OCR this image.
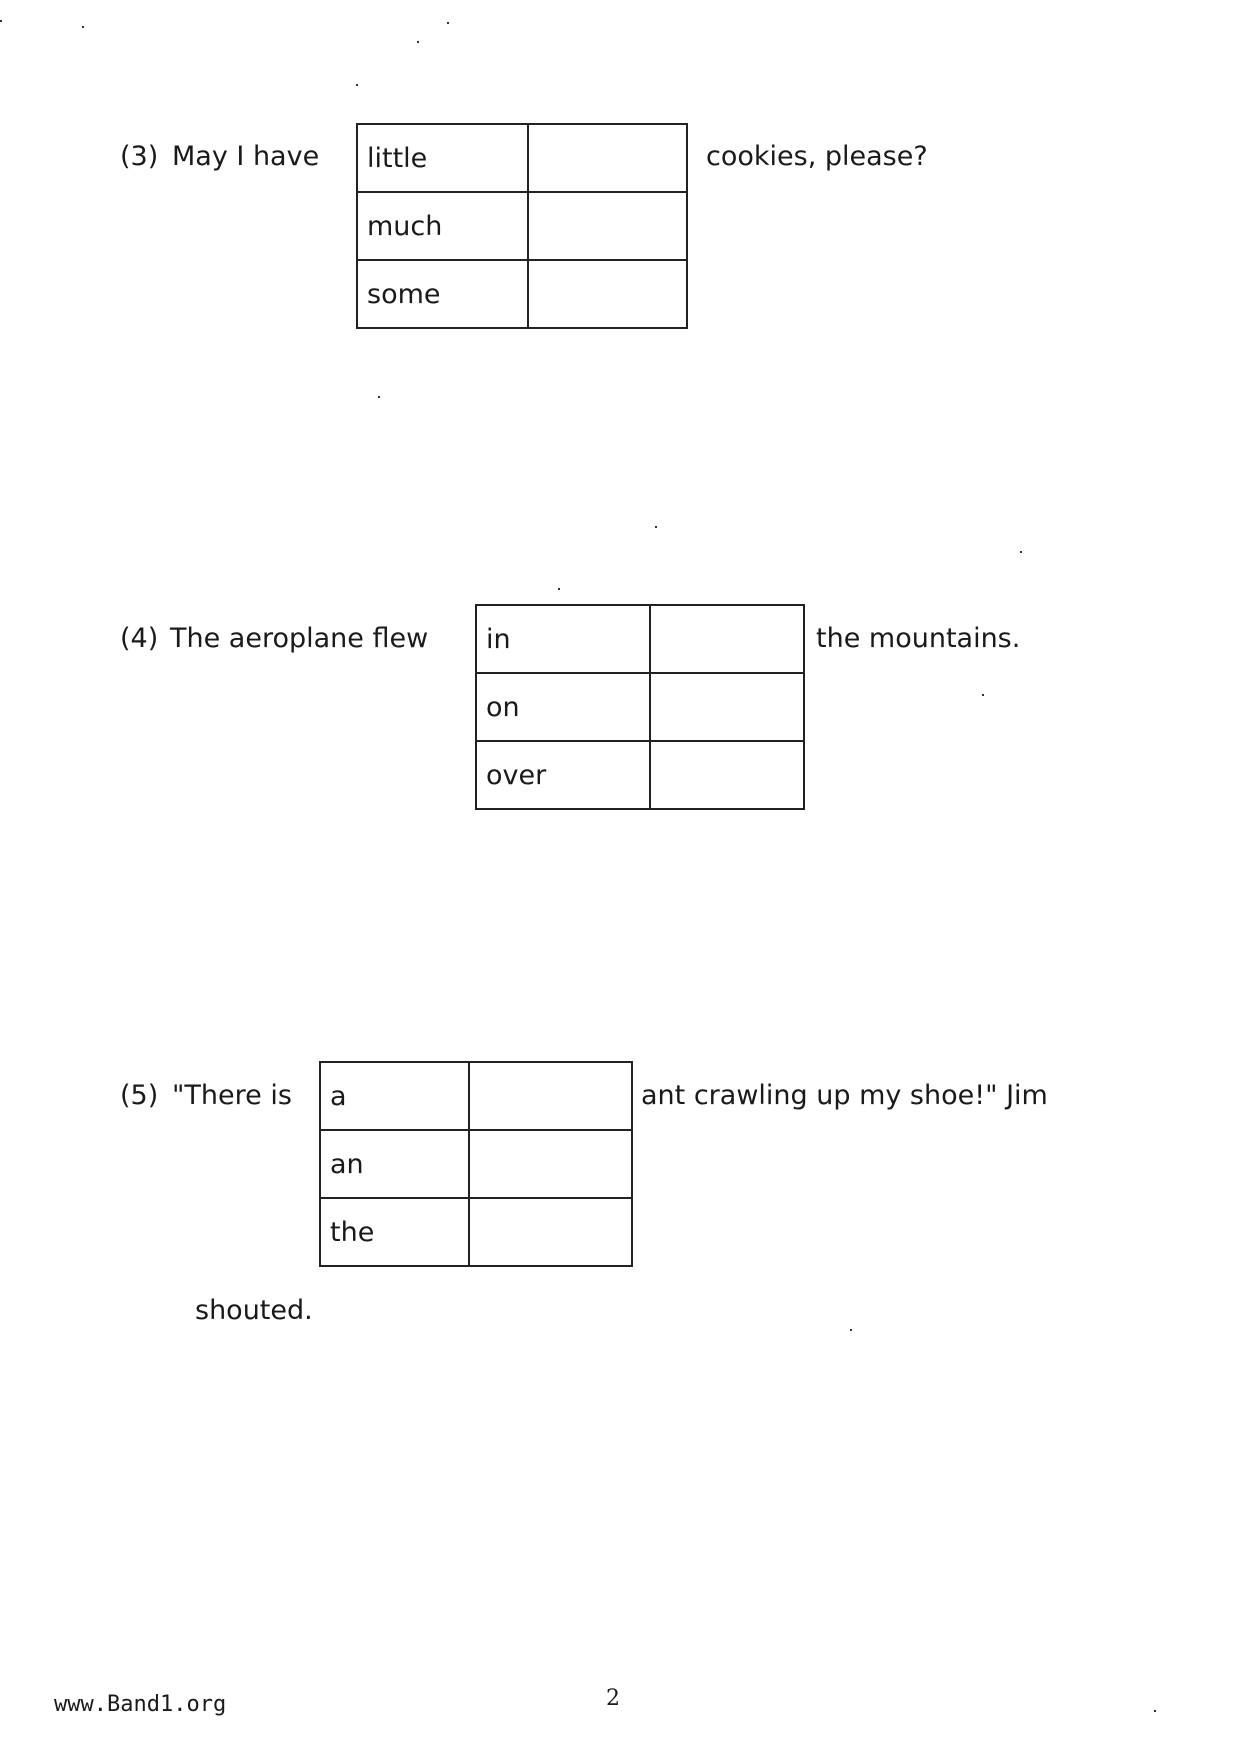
(3) May I have little	
much	
some	
cookies, please?
(4) The aeroplane flew in	
on	
over	
the mountains.
(5) "There is a	
an	
the	
ant crawling up my shoe!" Jim
shouted.
www.Band1.org	2
